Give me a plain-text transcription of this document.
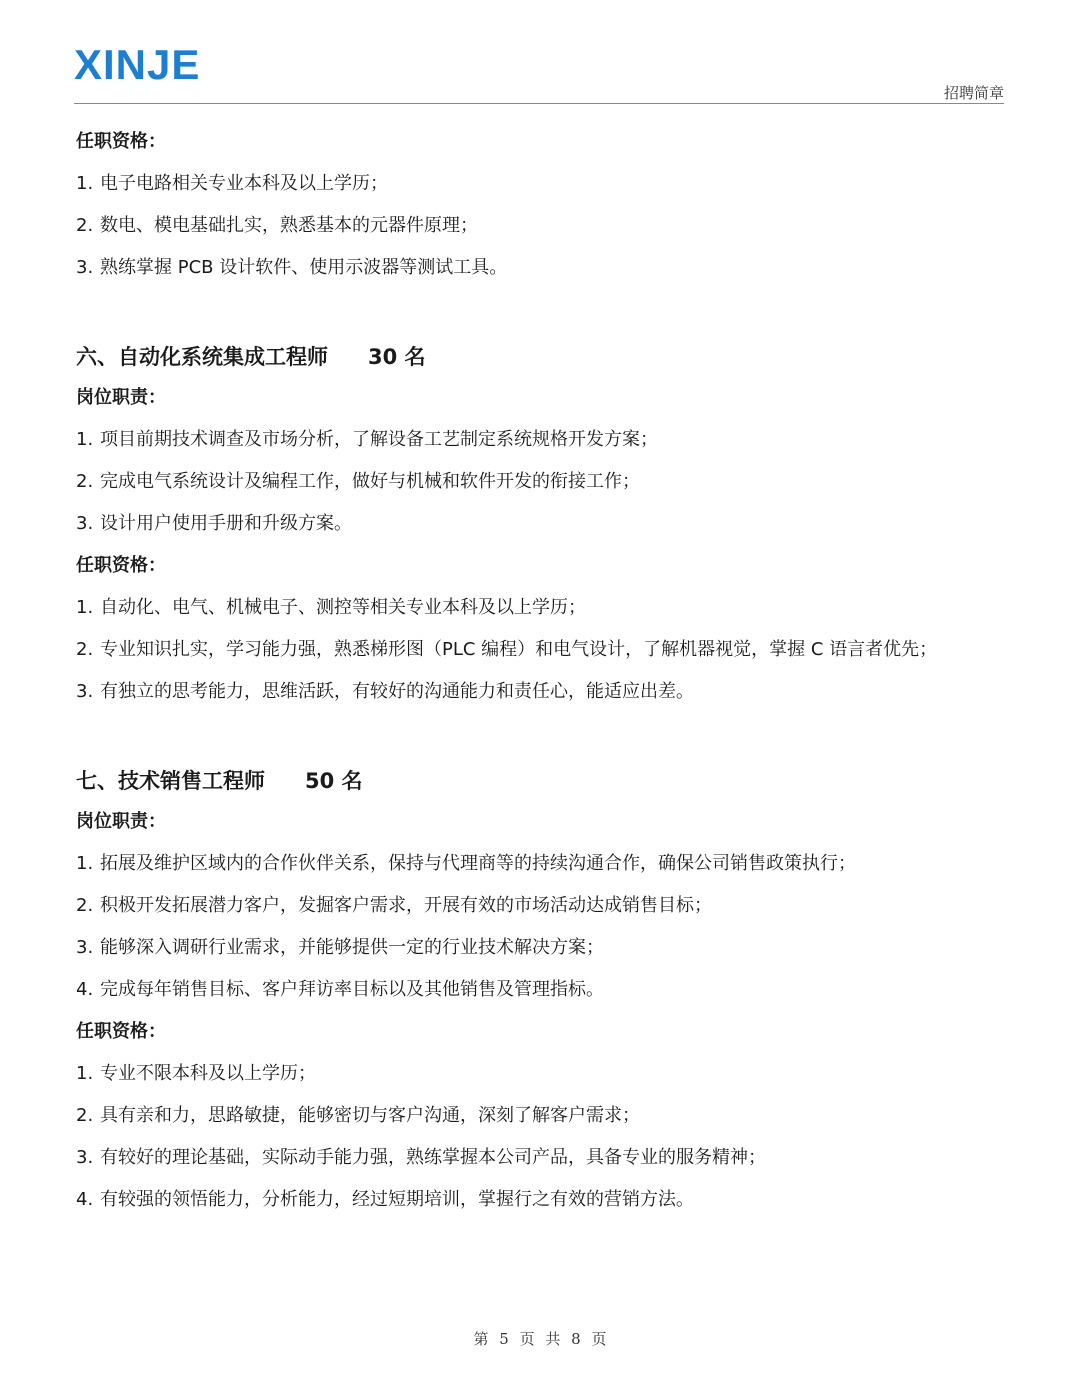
XINJE
招聘简章

任职资格：

1. 电子电路相关专业本科及以上学历；

2. 数电、模电基础扎实，熟悉基本的元器件原理；

3. 熟练掌握 PCB 设计软件、使用示波器等测试工具。

六、自动化系统集成工程师 30 名

岗位职责：

1. 项目前期技术调查及市场分析，了解设备工艺制定系统规格开发方案；

2. 完成电气系统设计及编程工作，做好与机械和软件开发的衔接工作；

3. 设计用户使用手册和升级方案。

任职资格：

1. 自动化、电气、机械电子、测控等相关专业本科及以上学历；

2. 专业知识扎实，学习能力强，熟悉梯形图（PLC 编程）和电气设计，了解机器视觉，掌握 C 语言者优先；

3. 有独立的思考能力，思维活跃，有较好的沟通能力和责任心，能适应出差。

七、技术销售工程师 50 名

岗位职责：

1. 拓展及维护区域内的合作伙伴关系，保持与代理商等的持续沟通合作，确保公司销售政策执行；

2. 积极开发拓展潜力客户，发掘客户需求，开展有效的市场活动达成销售目标；

3. 能够深入调研行业需求，并能够提供一定的行业技术解决方案；

4. 完成每年销售目标、客户拜访率目标以及其他销售及管理指标。

任职资格：

1. 专业不限本科及以上学历；

2. 具有亲和力，思路敏捷，能够密切与客户沟通，深刻了解客户需求；

3. 有较好的理论基础，实际动手能力强，熟练掌握本公司产品，具备专业的服务精神；

4. 有较强的领悟能力，分析能力，经过短期培训，掌握行之有效的营销方法。

第 5 页 共 8 页
